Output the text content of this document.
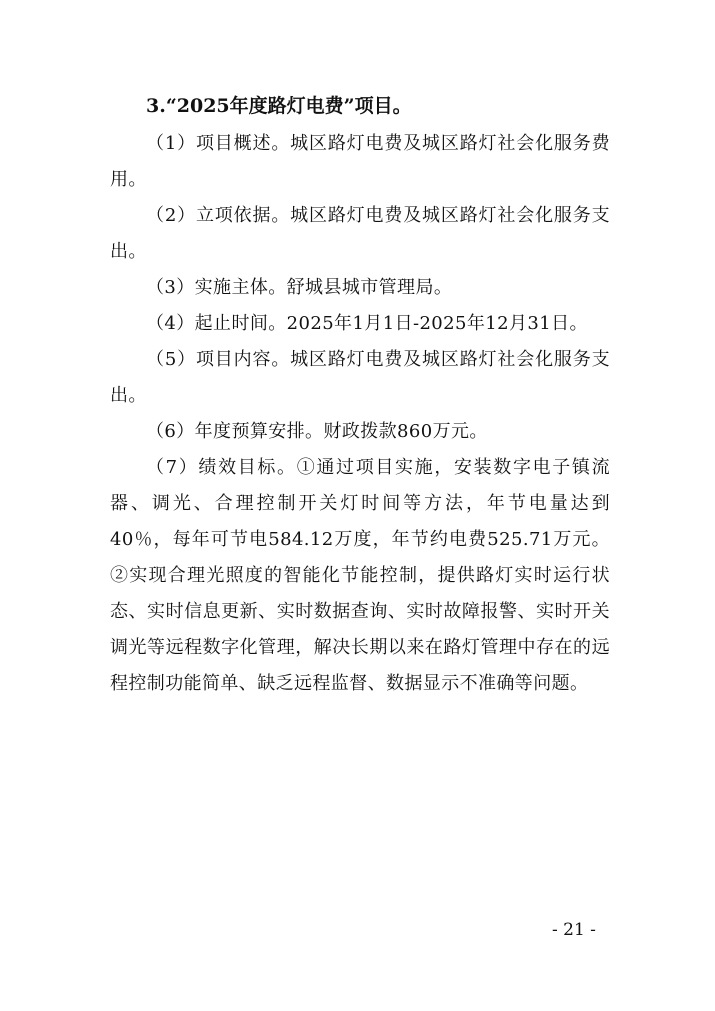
3.“2025年度路灯电费”项目。

（1）项目概述。城区路灯电费及城区路灯社会化服务费用。

（2）立项依据。城区路灯电费及城区路灯社会化服务支出。

（3）实施主体。舒城县城市管理局。

（4）起止时间。2025年1月1日-2025年12月31日。

（5）项目内容。城区路灯电费及城区路灯社会化服务支出。

（6）年度预算安排。财政拨款860万元。

（7）绩效目标。①通过项目实施，安装数字电子镇流器、调光、合理控制开关灯时间等方法，年节电量达到40％，每年可节电584.12万度，年节约电费525.71万元。②实现合理光照度的智能化节能控制，提供路灯实时运行状态、实时信息更新、实时数据查询、实时故障报警、实时开关调光等远程数字化管理，解决长期以来在路灯管理中存在的远程控制功能简单、缺乏远程监督、数据显示不准确等问题。

- 21 -
